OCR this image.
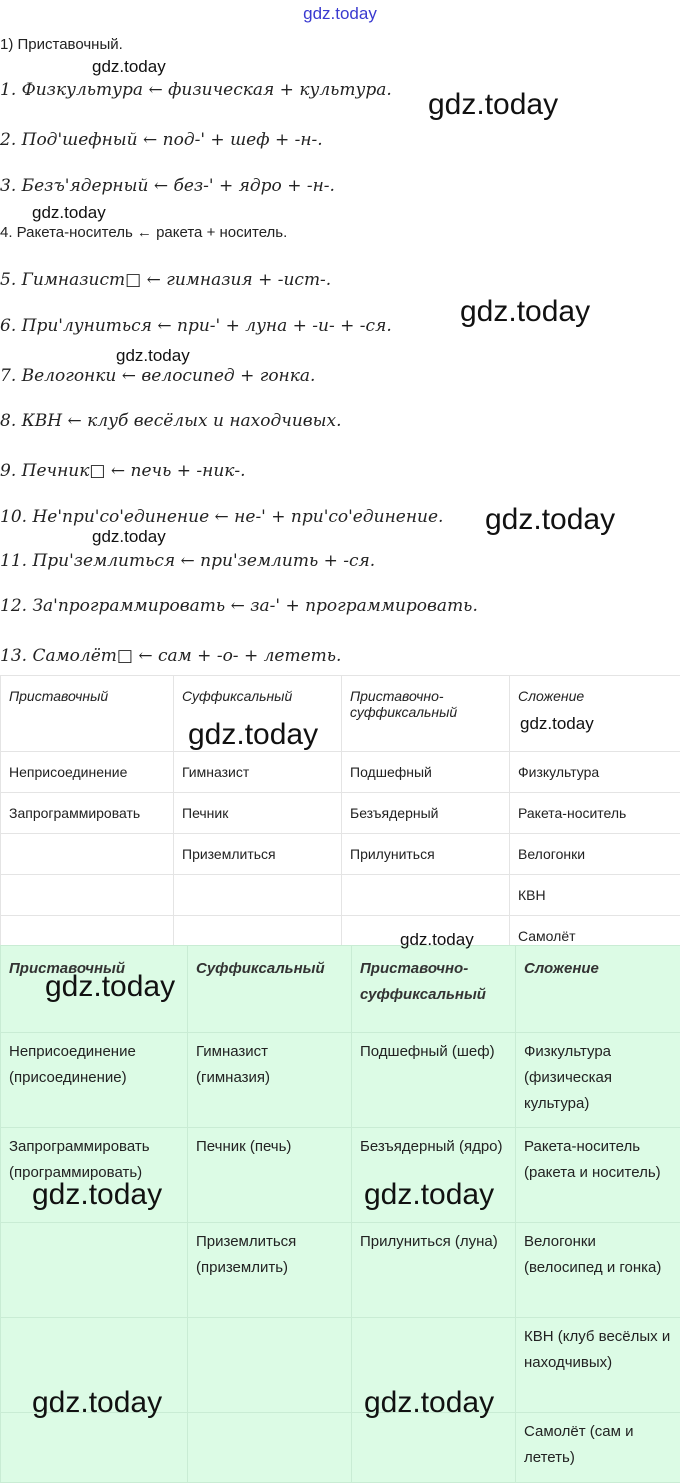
gdz.today
1) Приставочный.
1. Физкультура ← физическая + культура.
2. Под'шефный ← под-' + шеф + -н-.
3. Безъ'ядерный ← без-' + ядро + -н-.
4. Ракета-носитель ← ракета + носитель.
5. Гимназист□ ← гимназия + -ист-.
6. При'лунитьcя ← при-' + луна + -и- + -ся.
7. Велогонки ← велосипед + гонка.
8. КВН ← клуб весёлых и находчивых.
9. Печник□ ← печь + -ник-.
10. Не'при'со'единение ← не-' + при'со'единение.
11. При'землиться ← при'землить + -ся.
12. За'программировать ← за-' + программировать.
13. Самолёт□ ← сам + -о- + лететь.
Приставочный	Суффиксальный	Приставочно-суффиксальный	Сложение
Неприсоединение	Гимназист	Подшефный	Физкультура
Запрограммировать	Печник	Безъядерный	Ракета-носитель
	Приземлиться	Прилуниться	Велогонки
			КВН
			Самолёт
Приставочный	Суффиксальный	Приставочно-суффиксальный	Сложение
Неприсоединение (присоединение)	Гимназист (гимназия)	Подшефный (шеф)	Физкультура (физическая культура)
Запрограммировать (программировать)	Печник (печь)	Безъядерный (ядро)	Ракета-носитель (ракета и носитель)
	Приземлиться (приземлить)	Прилуниться (луна)	Велогонки (велосипед и гонка)
			КВН (клуб весёлых и находчивых)
			Самолёт (сам и лететь)
gdz.today
gdz.today
gdz.today
gdz.today
gdz.today
gdz.today
gdz.today
gdz.today	gdz.today
gdz.today
gdz.today
gdz.today	gdz.today
gdz.today	gdz.today
